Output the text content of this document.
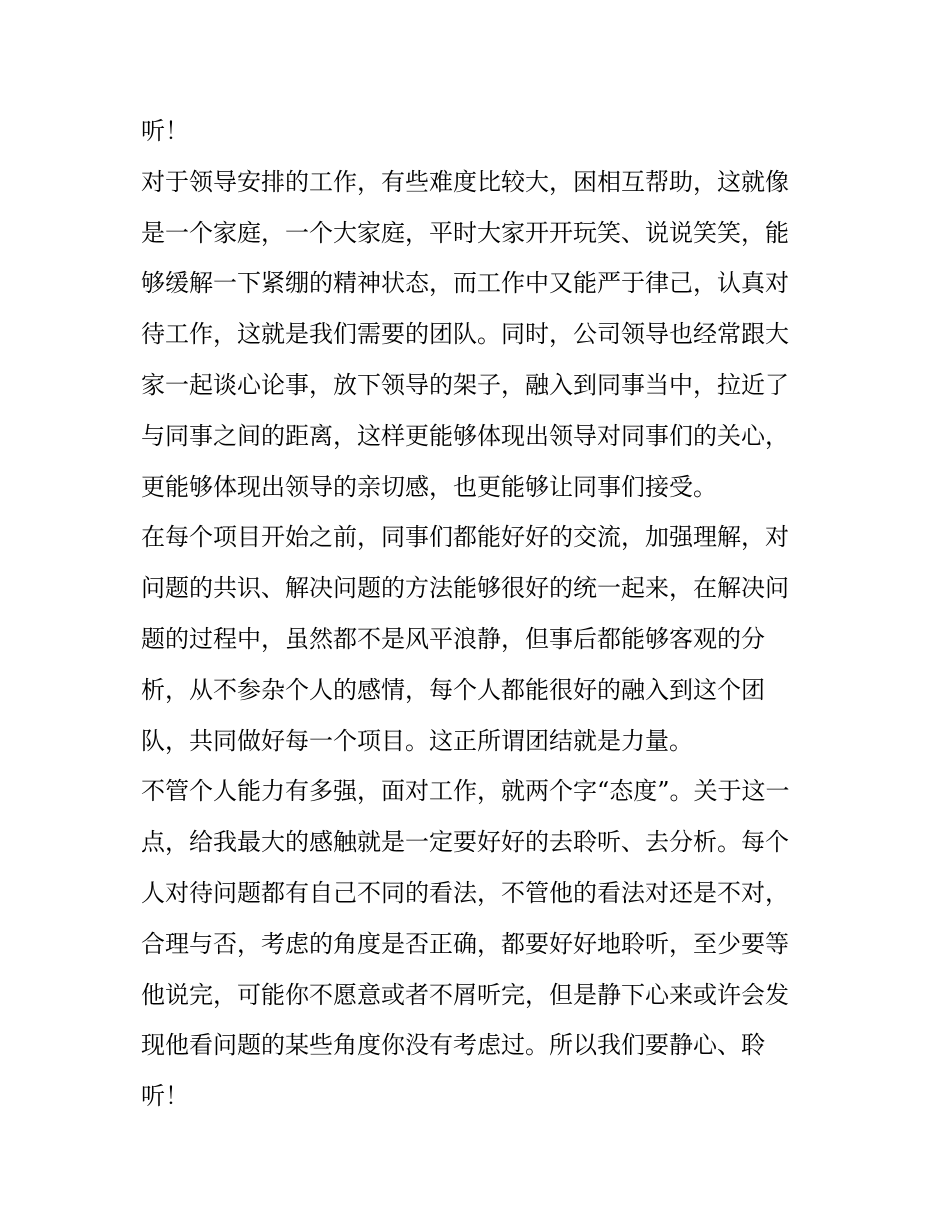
听！
对于领导安排的工作，有些难度比较大，困相互帮助，这就像
是一个家庭，一个大家庭，平时大家开开玩笑、说说笑笑，能
够缓解一下紧绷的精神状态，而工作中又能严于律己，认真对
待工作，这就是我们需要的团队。同时，公司领导也经常跟大
家一起谈心论事，放下领导的架子，融入到同事当中，拉近了
与同事之间的距离，这样更能够体现出领导对同事们的关心，
更能够体现出领导的亲切感，也更能够让同事们接受。
在每个项目开始之前，同事们都能好好的交流，加强理解，对
问题的共识、解决问题的方法能够很好的统一起来，在解决问
题的过程中，虽然都不是风平浪静，但事后都能够客观的分
析，从不参杂个人的感情，每个人都能很好的融入到这个团
队，共同做好每一个项目。这正所谓团结就是力量。
不管个人能力有多强，面对工作，就两个字“态度”。关于这一
点，给我最大的感触就是一定要好好的去聆听、去分析。每个
人对待问题都有自己不同的看法，不管他的看法对还是不对，
合理与否，考虑的角度是否正确，都要好好地聆听，至少要等
他说完，可能你不愿意或者不屑听完，但是静下心来或许会发
现他看问题的某些角度你没有考虑过。所以我们要静心、聆
听！
